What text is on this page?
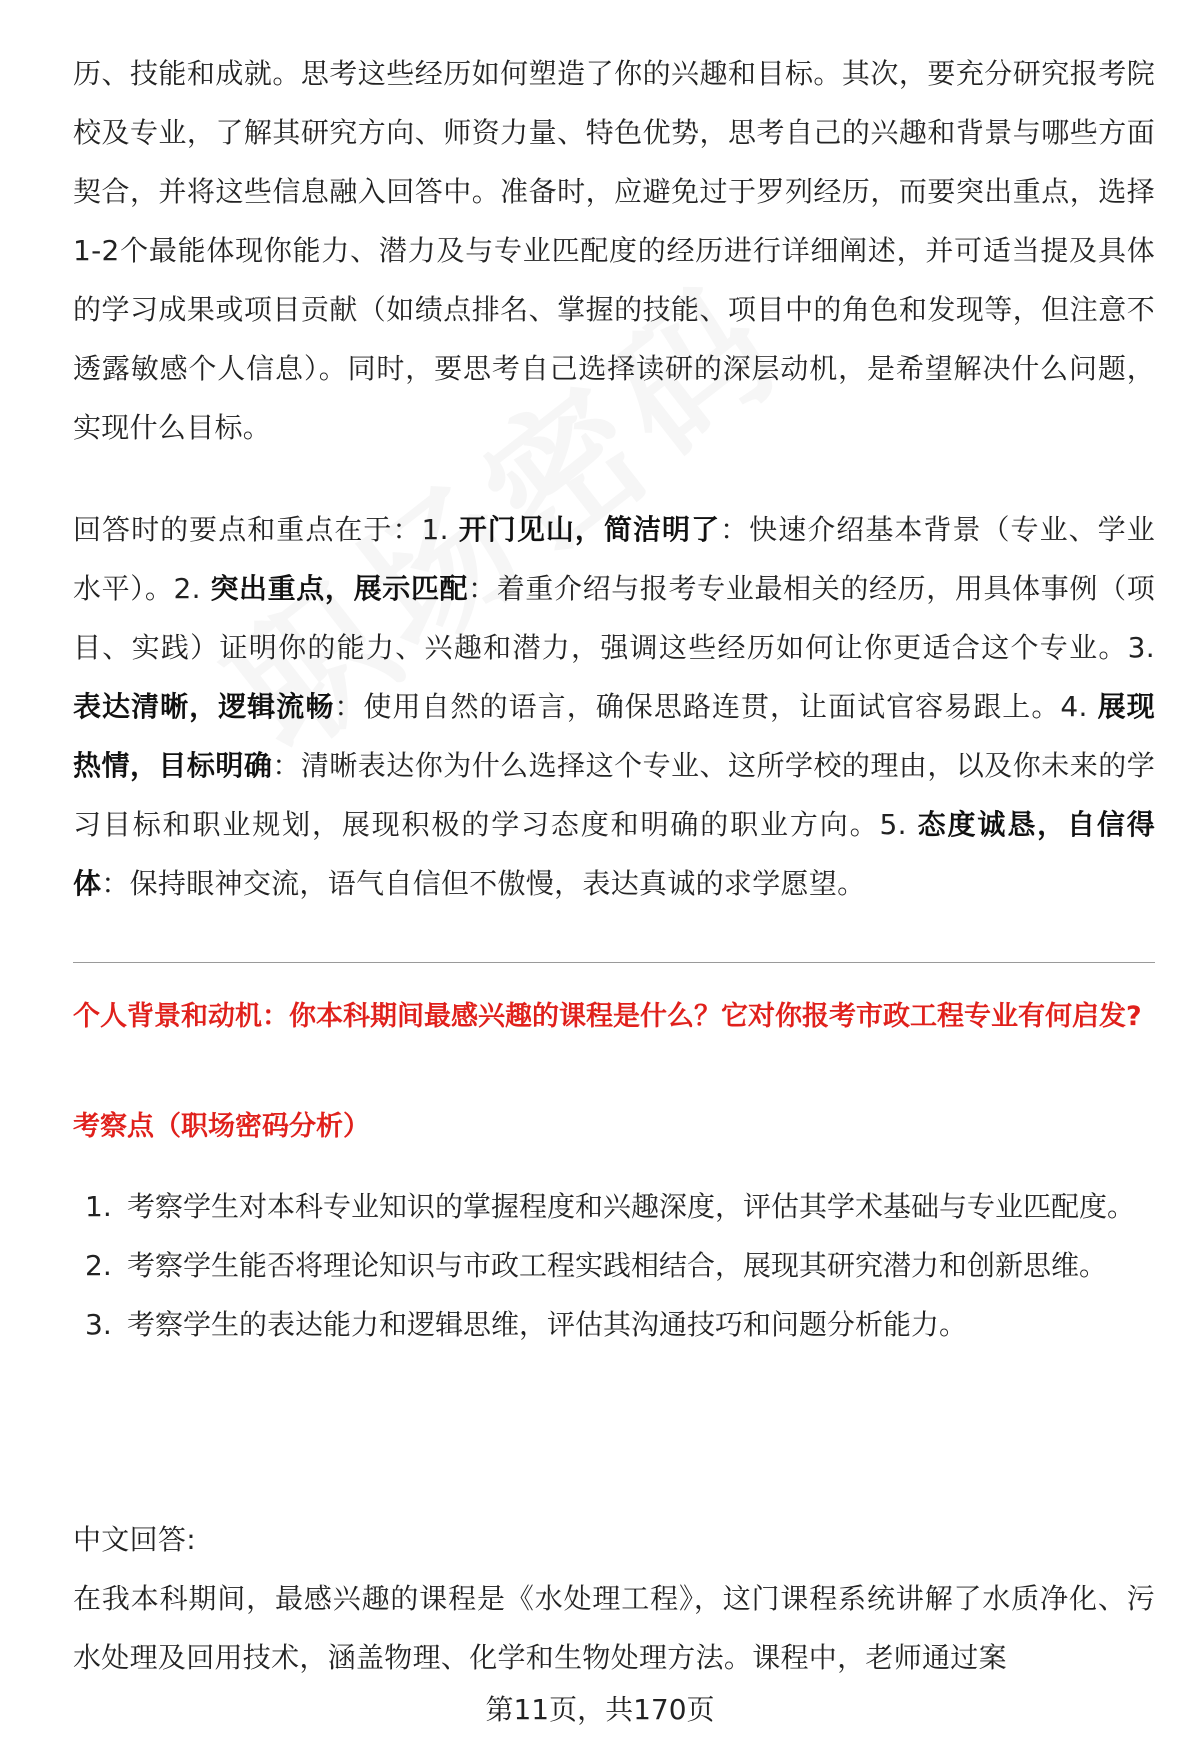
历、技能和成就。思考这些经历如何塑造了你的兴趣和目标。其次，要充分研究报考院校及专业，了解其研究方向、师资力量、特色优势，思考自己的兴趣和背景与哪些方面契合，并将这些信息融入回答中。准备时，应避免过于罗列经历，而要突出重点，选择1-2个最能体现你能力、潜力及与专业匹配度的经历进行详细阐述，并可适当提及具体的学习成果或项目贡献（如绩点排名、掌握的技能、项目中的角色和发现等，但注意不透露敏感个人信息）。同时，要思考自己选择读研的深层动机，是希望解决什么问题，实现什么目标。
回答时的要点和重点在于：1. 开门见山，简洁明了：快速介绍基本背景（专业、学业水平）。2. 突出重点，展示匹配：着重介绍与报考专业最相关的经历，用具体事例（项目、实践）证明你的能力、兴趣和潜力，强调这些经历如何让你更适合这个专业。3. 表达清晰，逻辑流畅：使用自然的语言，确保思路连贯，让面试官容易跟上。4. 展现热情，目标明确：清晰表达你为什么选择这个专业、这所学校的理由，以及你未来的学习目标和职业规划，展现积极的学习态度和明确的职业方向。5. 态度诚恳，自信得体：保持眼神交流，语气自信但不傲慢，表达真诚的求学愿望。
个人背景和动机：你本科期间最感兴趣的课程是什么？它对你报考市政工程专业有何启发?
考察点（职场密码分析）
1. 考察学生对本科专业知识的掌握程度和兴趣深度，评估其学术基础与专业匹配度。
2. 考察学生能否将理论知识与市政工程实践相结合，展现其研究潜力和创新思维。
3. 考察学生的表达能力和逻辑思维，评估其沟通技巧和问题分析能力。
中文回答:
在我本科期间，最感兴趣的课程是《水处理工程》，这门课程系统讲解了水质净化、污水处理及回用技术，涵盖物理、化学和生物处理方法。课程中，老师通过案
第11页，共170页
